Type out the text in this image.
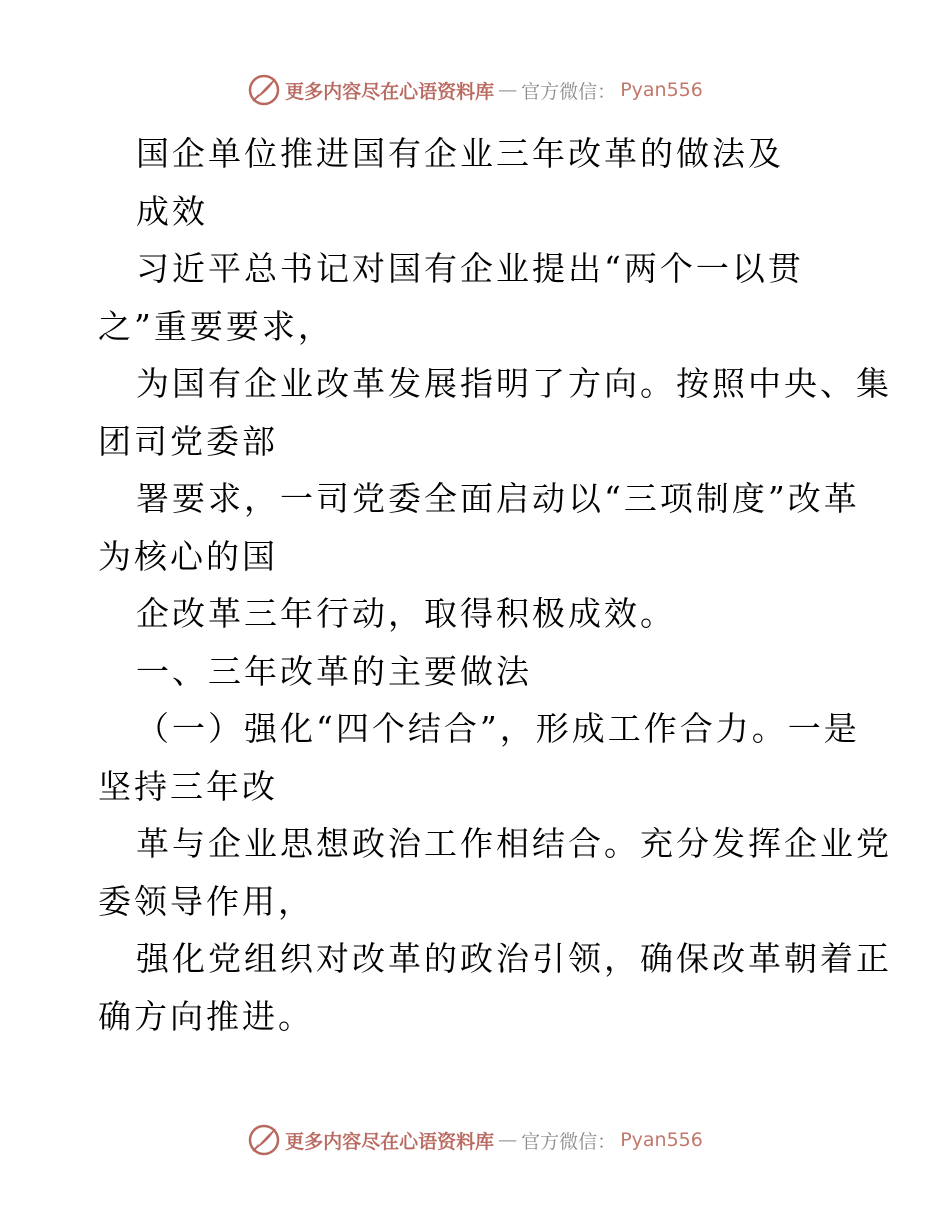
更多内容尽在心语资料库 — 官方微信： Pyan556

国企单位推进国有企业三年改革的做法及
成效
习近平总书记对国有企业提出“两个一以贯
之”重要要求，
为国有企业改革发展指明了方向。按照中央、集
团司党委部
署要求，一司党委全面启动以“三项制度”改革
为核心的国
企改革三年行动，取得积极成效。
一、三年改革的主要做法
（一）强化“四个结合”，形成工作合力。一是
坚持三年改
革与企业思想政治工作相结合。充分发挥企业党
委领导作用，
强化党组织对改革的政治引领，确保改革朝着正
确方向推进。

更多内容尽在心语资料库 — 官方微信： Pyan556
